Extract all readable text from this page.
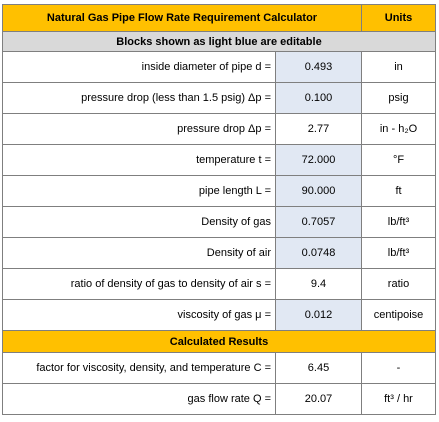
Natural Gas Pipe Flow Rate Requirement Calculator		Units
Blocks shown as light blue are editable		
inside diameter of pipe d =	0.493	in
pressure drop (less than 1.5 psig) Δp =	0.100	psig
pressure drop Δp =	2.77	in - h₂O
temperature t =	72.000	°F
pipe length L =	90.000	ft
Density of gas	0.7057	lb/ft³
Density of air	0.0748	lb/ft³
ratio of density of gas to density of air s =	9.4	ratio
viscosity of gas μ =	0.012	centipoise
Calculated Results		
factor for viscosity, density, and temperature C =	6.45	-
gas flow rate Q =	20.07	ft³ / hr
